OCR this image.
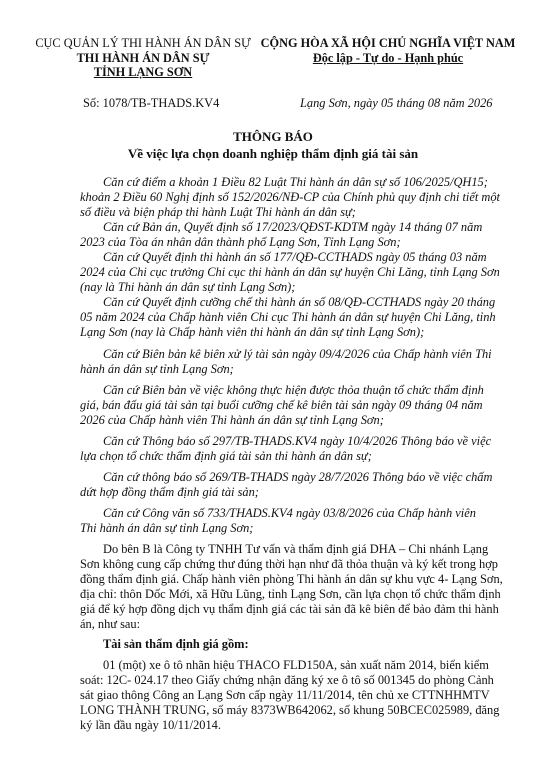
CỤC QUẢN LÝ THI HÀNH ÁN DÂN SỰ
THI HÀNH ÁN DÂN SỰ
TỈNH LẠNG SƠN
CỘNG HÒA XÃ HỘI CHỦ NGHĨA VIỆT NAM
Độc lập - Tự do - Hạnh phúc
Số: 1078/TB-THADS.KV4	Lạng Sơn, ngày 05 tháng 08 năm 2026
THÔNG BÁO
Về việc lựa chọn doanh nghiệp thẩm định giá tài sản
Căn cứ điểm a khoản 1 Điều 82 Luật Thi hành án dân sự số 106/2025/QH15;
khoản 2 Điều 60 Nghị định số 152/2026/NĐ-CP của Chính phủ quy định chi tiết một
số điều và biện pháp thi hành Luật Thi hành án dân sự;
Căn cứ Bản án, Quyết định số 17/2023/QĐST-KDTM ngày 14 tháng 07 năm
2023 của Tòa án nhân dân thành phố Lạng Sơn, Tỉnh Lạng Sơn;
Căn cứ Quyết định thi hành án số 177/QĐ-CCTHADS ngày 05 tháng 03 năm
2024 của Chi cục trưởng Chi cục thi hành án dân sự huyện Chi Lăng, tỉnh Lạng Sơn
(nay là Thi hành án dân sự tỉnh Lạng Sơn);
Căn cứ Quyết định cưỡng chế thi hành án số 08/QĐ-CCTHADS ngày 20 tháng
05 năm 2024 của Chấp hành viên Chi cục Thi hành án dân sự huyện Chi Lăng, tỉnh
Lạng Sơn (nay là Chấp hành viên thi hành án dân sự tỉnh Lạng Sơn);
Căn cứ Biên bản kê biên xử lý tài sản ngày 09/4/2026 của Chấp hành viên Thi
hành án dân sự tỉnh Lạng Sơn;
Căn cứ Biên bản về việc không thực hiện được thỏa thuận tổ chức thẩm định
giá, bán đấu giá tài sản tại buổi cưỡng chế kê biên tài sản ngày 09 tháng 04 năm
2026 của Chấp hành viên Thi hành án dân sự tỉnh Lạng Sơn;
Căn cứ Thông báo số 297/TB-THADS.KV4 ngày 10/4/2026 Thông báo về việc
lựa chọn tổ chức thẩm định giá tài sản thi hành án dân sự;
Căn cứ thông báo số 269/TB-THADS ngày 28/7/2026 Thông báo về việc chấm
dứt hợp đồng thẩm định giá tài sản;
Căn cứ Công văn số 733/THADS.KV4 ngày 03/8/2026 của Chấp hành viên
Thi hành án dân sự tỉnh Lạng Sơn;
Do bên B là Công ty TNHH Tư vấn và thẩm định giá DHA – Chi nhánh Lạng
Sơn không cung cấp chứng thư đúng thời hạn như đã thỏa thuận và ký kết trong hợp
đồng thẩm định giá. Chấp hành viên phòng Thi hành án dân sự khu vực 4- Lạng Sơn,
địa chỉ: thôn Dốc Mới, xã Hữu Lũng, tỉnh Lạng Sơn, cần lựa chọn tổ chức thẩm định
giá để ký hợp đồng dịch vụ thẩm định giá các tài sản đã kê biên để bảo đảm thi hành
án, như sau:
Tài sản thẩm định giá gồm:
01 (một) xe ô tô nhãn hiệu THACO FLD150A, sản xuất năm 2014, biển kiểm
soát: 12C- 024.17 theo Giấy chứng nhận đăng ký xe ô tô số 001345 do phòng Cảnh
sát giao thông Công an Lạng Sơn cấp ngày 11/11/2014, tên chủ xe CTTNHHMTV
LONG THÀNH TRUNG, số máy 8373WB642062, số khung 50BCEC025989, đăng
ký lần đầu ngày 10/11/2014.
